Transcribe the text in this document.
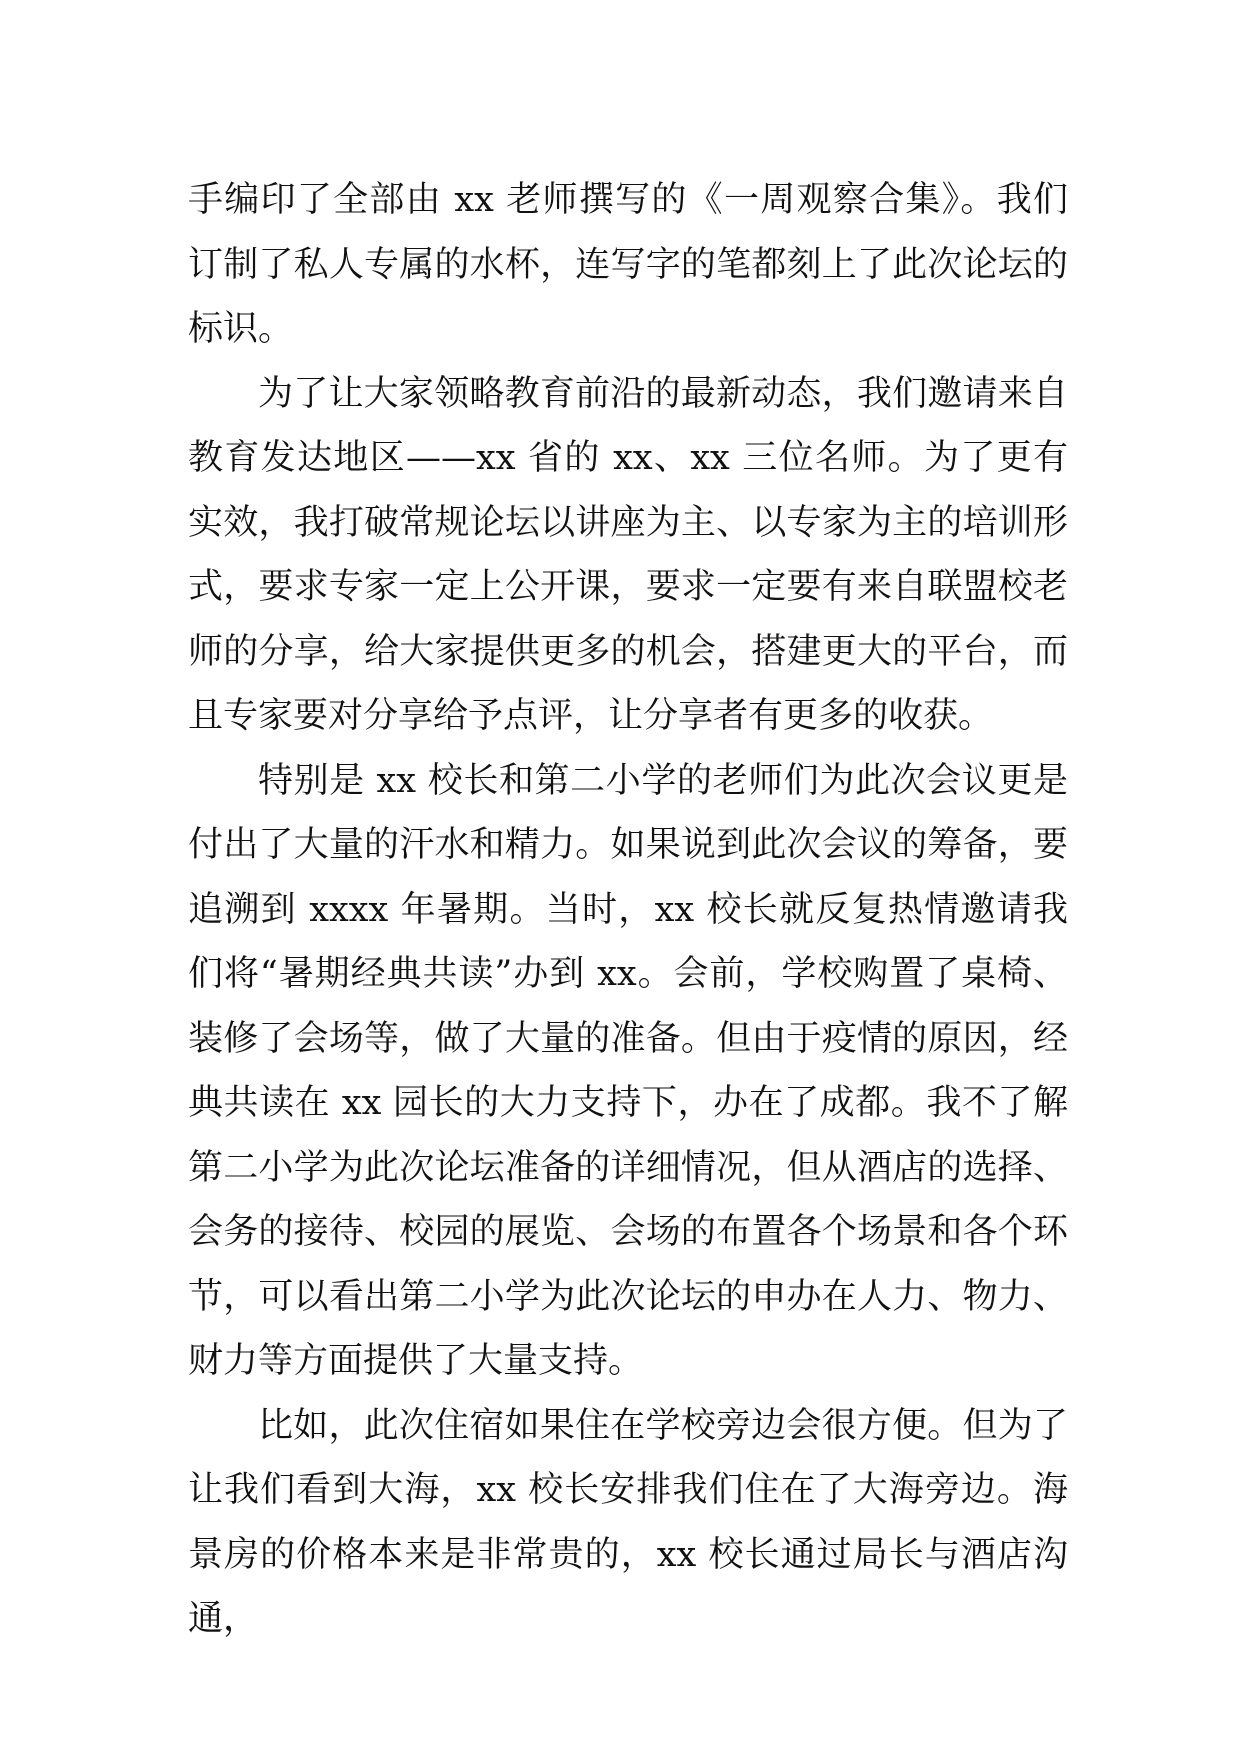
手编印了全部由 xx 老师撰写的《一周观察合集》。我们订制了私人专属的水杯，连写字的笔都刻上了此次论坛的标识。

为了让大家领略教育前沿的最新动态，我们邀请来自教育发达地区——xx 省的 xx、xx 三位名师。为了更有实效，我打破常规论坛以讲座为主、以专家为主的培训形式，要求专家一定上公开课，要求一定要有来自联盟校老师的分享，给大家提供更多的机会，搭建更大的平台，而且专家要对分享给予点评，让分享者有更多的收获。

特别是 xx 校长和第二小学的老师们为此次会议更是付出了大量的汗水和精力。如果说到此次会议的筹备，要追溯到 xxxx 年暑期。当时，xx 校长就反复热情邀请我们将“暑期经典共读”办到 xx。会前，学校购置了桌椅、装修了会场等，做了大量的准备。但由于疫情的原因，经典共读在 xx 园长的大力支持下，办在了成都。我不了解第二小学为此次论坛准备的详细情况，但从酒店的选择、会务的接待、校园的展览、会场的布置各个场景和各个环节，可以看出第二小学为此次论坛的申办在人力、物力、财力等方面提供了大量支持。

比如，此次住宿如果住在学校旁边会很方便。但为了让我们看到大海，xx 校长安排我们住在了大海旁边。海景房的价格本来是非常贵的，xx 校长通过局长与酒店沟通，
